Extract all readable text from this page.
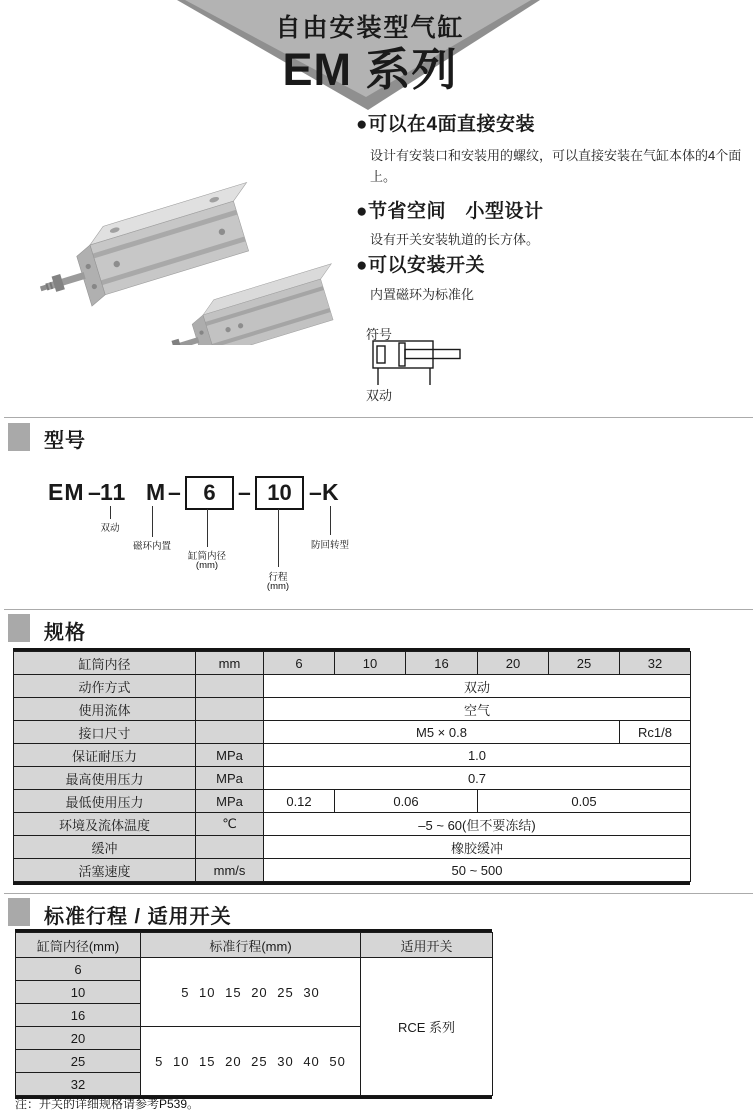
自由安装型气缸
EM 系列
●可以在4面直接安装
设计有安装口和安装用的螺纹，可以直接安装在气缸本体的4个面上。
●节省空间　小型设计
设有开关安装轨道的长方体。
●可以安装开关
内置磁环为标准化
符号
双动
型号
EM –
11 M – 6 – 10 – K
双动
磁环内置
缸筒内径
(mm)
行程
(mm)
防回转型
规格
缸筒内径	mm	6	10	16	20	25	32
动作方式		双动					
使用流体		空气					
接口尺寸		M5 × 0.8					Rc1/8
保证耐压力	MPa	1.0					
最高使用压力	MPa	0.7					
最低使用压力	MPa	0.12	0.06		0.05		
环境及流体温度	℃	–5 ~ 60(但不要冻结)					
缓冲		橡胶缓冲					
活塞速度	mm/s	50 ~ 500					
标准行程 / 适用开关
缸筒内径(mm)	标准行程(mm)	适用开关
6	5 10 15 20 25 30	RCE 系列
10		
16		
20	5 10 15 20 25 30 40 50	
25		
32		
注：开关的详细规格请参考P539。
